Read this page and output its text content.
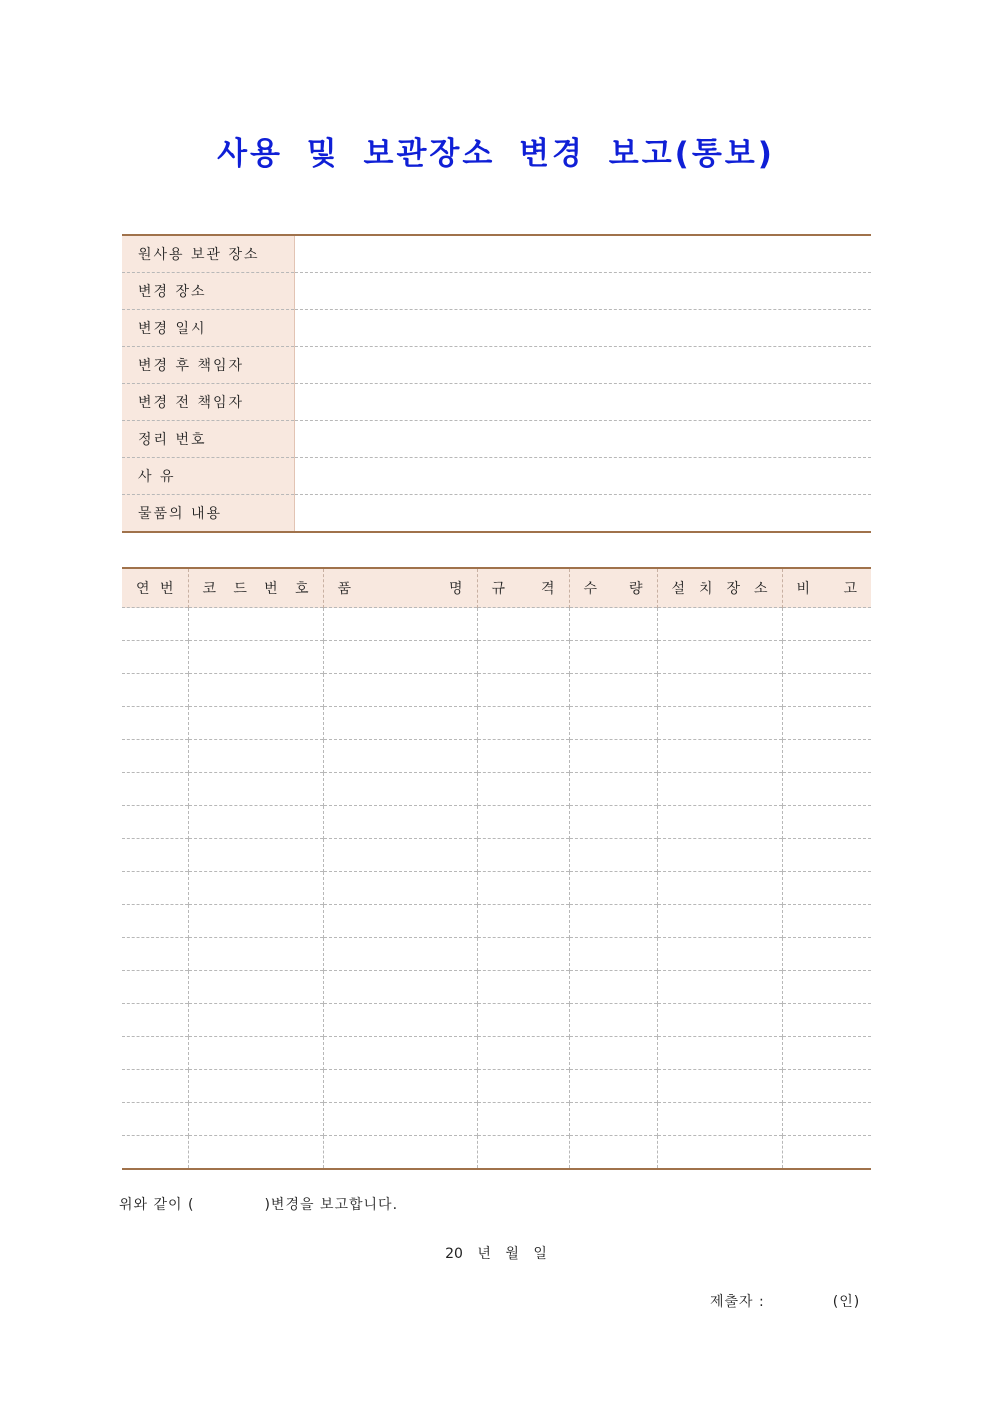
사용 및 보관장소 변경 보고(통보)
원사용 보관 장소	
변경 장소	
변경 일시	
변경 후 책임자	
변경 전 책임자	
정리 번호	
사 유	
물품의 내용	
연 번	코 드 번 호	품 명	규 격	수 량	설 치 장 소	비 고

위와 같이 (	)변경을 보고합니다.
20 년 월 일
제출자 :	(인)
